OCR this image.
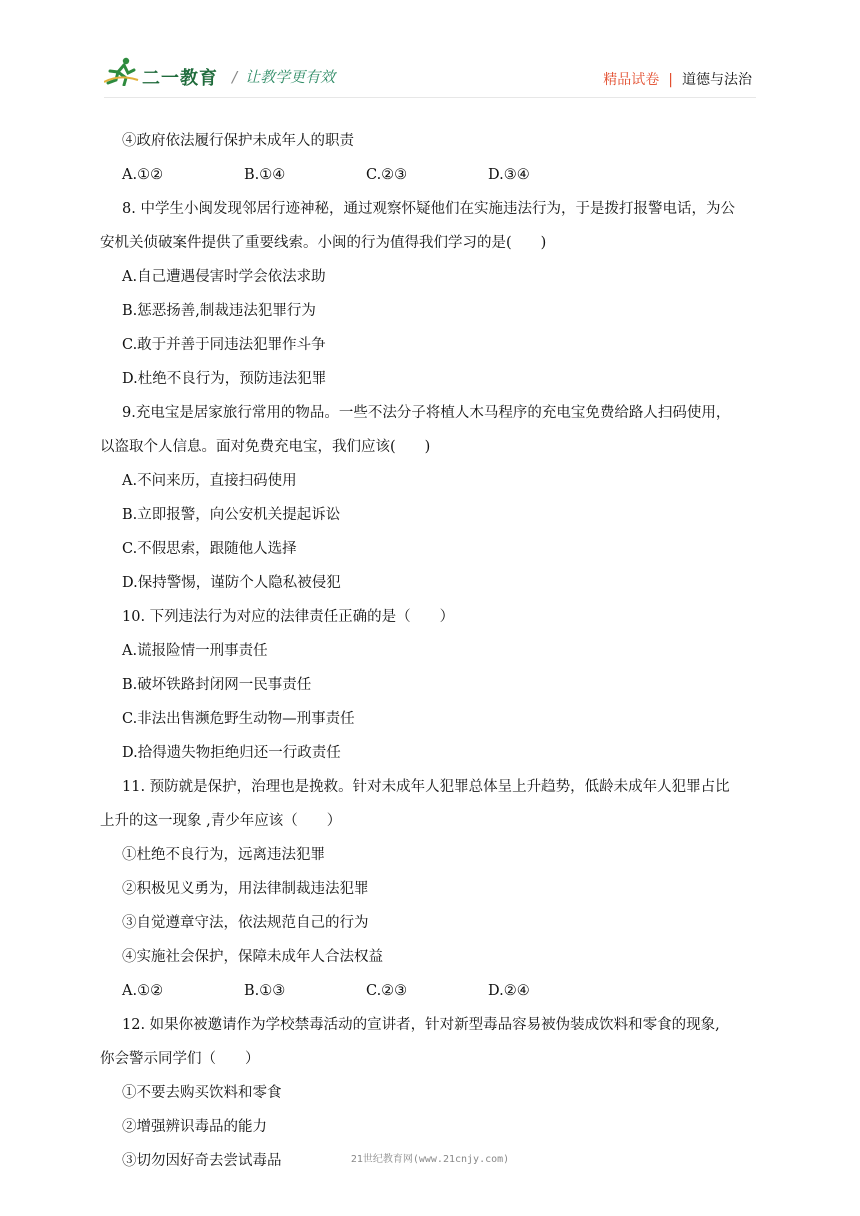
二一教育 / 让教学更有效	精品试卷 | 道德与法治

④政府依法履行保护未成年人的职责

A.①②	B.①④	C.②③	D.③④
8. 中学生小闽发现邻居行迹神秘，通过观察怀疑他们在实施违法行为，于是拨打报警电话，为公
安机关侦破案件提供了重要线索。小闽的行为值得我们学习的是(　　)

A.自己遭遇侵害时学会依法求助

B.惩恶扬善,制裁违法犯罪行为

C.敢于并善于同违法犯罪作斗争

D.杜绝不良行为，预防违法犯罪

9.充电宝是居家旅行常用的物品。一些不法分子将植人木马程序的充电宝免费给路人扫码使用，
以盗取个人信息。面对免费充电宝，我们应该(　　)

A.不问来历，直接扫码使用

B.立即报警，向公安机关提起诉讼

C.不假思索，跟随他人选择

D.保持警惕，谨防个人隐私被侵犯

10. 下列违法行为对应的法律责任正确的是（　　）

A.谎报险情一刑事责任

B.破坏铁路封闭网一民事责任

C.非法出售濒危野生动物—刑事责任

D.拾得遗失物拒绝归还一行政责任

11. 预防就是保护，治理也是挽救。针对未成年人犯罪总体呈上升趋势，低龄未成年人犯罪占比
上升的这一现象 ,青少年应该（　　）

①杜绝不良行为，远离违法犯罪

②积极见义勇为，用法律制裁违法犯罪

③自觉遵章守法，依法规范自己的行为

④实施社会保护，保障未成年人合法权益

A.①②	B.①③	C.②③	D.②④
12. 如果你被邀请作为学校禁毒活动的宣讲者，针对新型毒品容易被伪装成饮料和零食的现象,
你会警示同学们（　　）

①不要去购买饮料和零食

②增强辨识毒品的能力

③切勿因好奇去尝试毒品	21世纪教育网(www.21cnjy.com)
